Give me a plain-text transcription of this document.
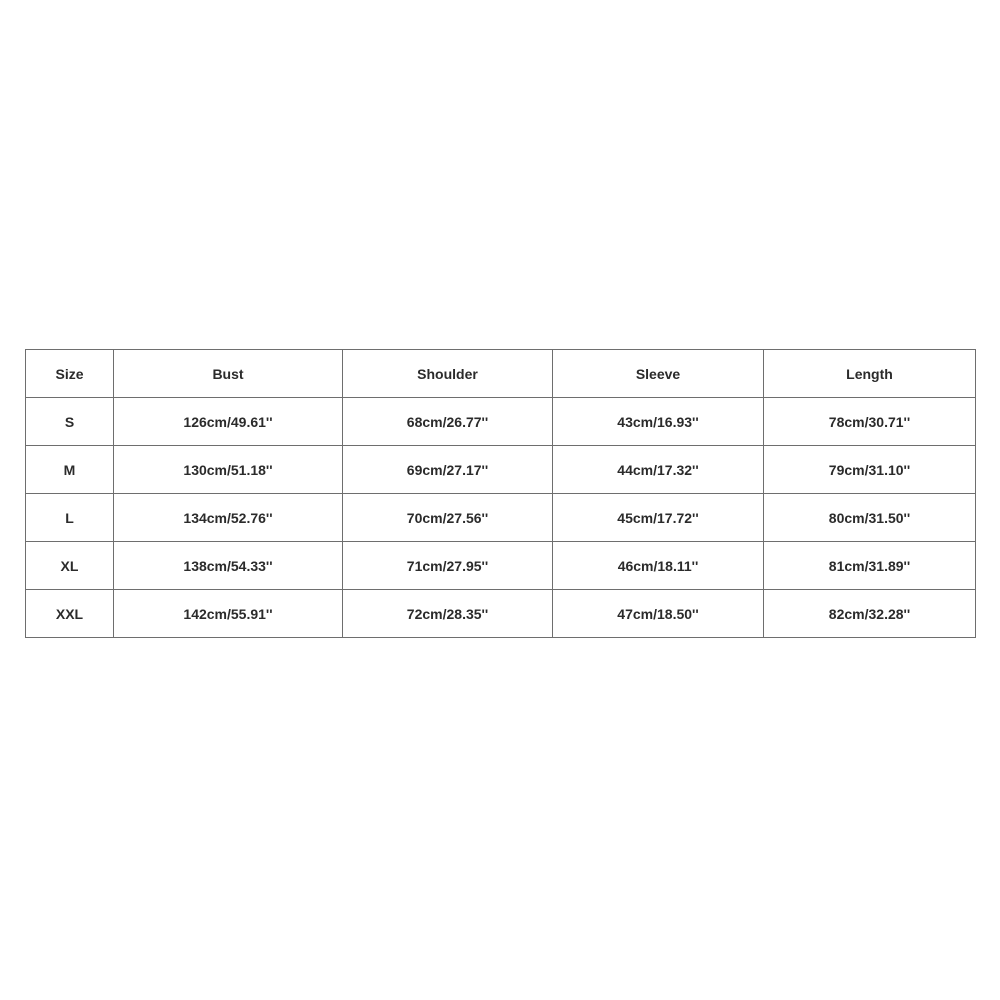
Size	Bust	Shoulder	Sleeve	Length
S	126cm/49.61''	68cm/26.77''	43cm/16.93''	78cm/30.71''
M	130cm/51.18''	69cm/27.17''	44cm/17.32''	79cm/31.10''
L	134cm/52.76''	70cm/27.56''	45cm/17.72''	80cm/31.50''
XL	138cm/54.33''	71cm/27.95''	46cm/18.11''	81cm/31.89''
XXL	142cm/55.91''	72cm/28.35''	47cm/18.50''	82cm/32.28''
